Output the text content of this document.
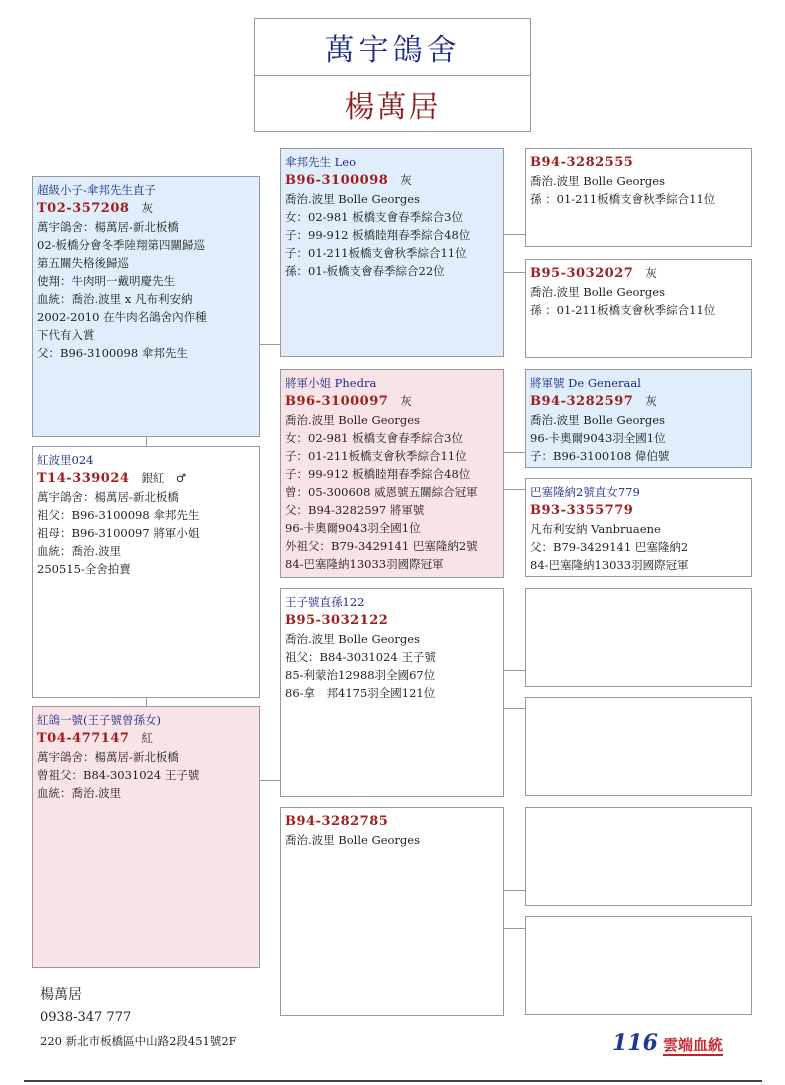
萬宇鴿舍
楊萬居
超級小子-傘邦先生直子
T02-357208 灰
萬宇鴿舍：楊萬居-新北板橋
02-板橋分會冬季陸翔第四關歸巡
第五關失格後歸巡
使翔：牛肉明一戴明慶先生
血統：喬治.波里 x 凡布利安納
2002-2010 在牛肉名鴿舍內作種
下代有入賞
父：B96-3100098 傘邦先生
紅波里024
T14-339024 銀紅　♂
萬宇鴿舍：楊萬居-新北板橋
祖父：B96-3100098 傘邦先生
祖母：B96-3100097 將軍小姐
血統：喬治.波里
250515-全舍拍賣
紅鴿一號(王子號曾孫女)
T04-477147 紅
萬宇鴿舍：楊萬居-新北板橋
曾祖父：B84-3031024 王子號
血統：喬治.波里
傘邦先生 Leo
B96-3100098 灰
喬治.波里 Bolle Georges
女：02-981 板橋支會春季綜合3位
子：99-912 板橋睦翔春季綜合48位
子：01-211板橋支會秋季綜合11位
孫：01-板橋支會春季綜合22位
將軍小姐 Phedra
B96-3100097 灰
喬治.波里 Bolle Georges
女：02-981 板橋支會春季綜合3位
子：01-211板橋支會秋季綜合11位
子：99-912 板橋睦翔春季綜合48位
曾：05-300608 威恩號五關綜合冠軍
父：B94-3282597 將軍號
96-卡奧爾9043羽全國1位
外祖父：B79-3429141 巴塞隆納2號
84-巴塞隆納13033羽國際冠軍
王子號直孫122
B95-3032122
喬治.波里 Bolle Georges
祖父：B84-3031024 王子號
85-利蒙治12988羽全國67位
86-拿　邦4175羽全國121位
B94-3282785
喬治.波里 Bolle Georges
B94-3282555
喬治.波里 Bolle Georges
孫 ：01-211板橋支會秋季綜合11位
B95-3032027 灰
喬治.波里 Bolle Georges
孫 ：01-211板橋支會秋季綜合11位
將軍號 De Generaal
B94-3282597 灰
喬治.波里 Bolle Georges
96-卡奧爾9043羽全國1位
子：B96-3100108 偉伯號
巴塞隆納2號直女779
B93-3355779
凡布利安納 Vanbruaene
父：B79-3429141 巴塞隆納2
84-巴塞隆納13033羽國際冠軍
楊萬居
0938-347 777
220 新北市板橋區中山路2段451號2F	116 雲端血統
